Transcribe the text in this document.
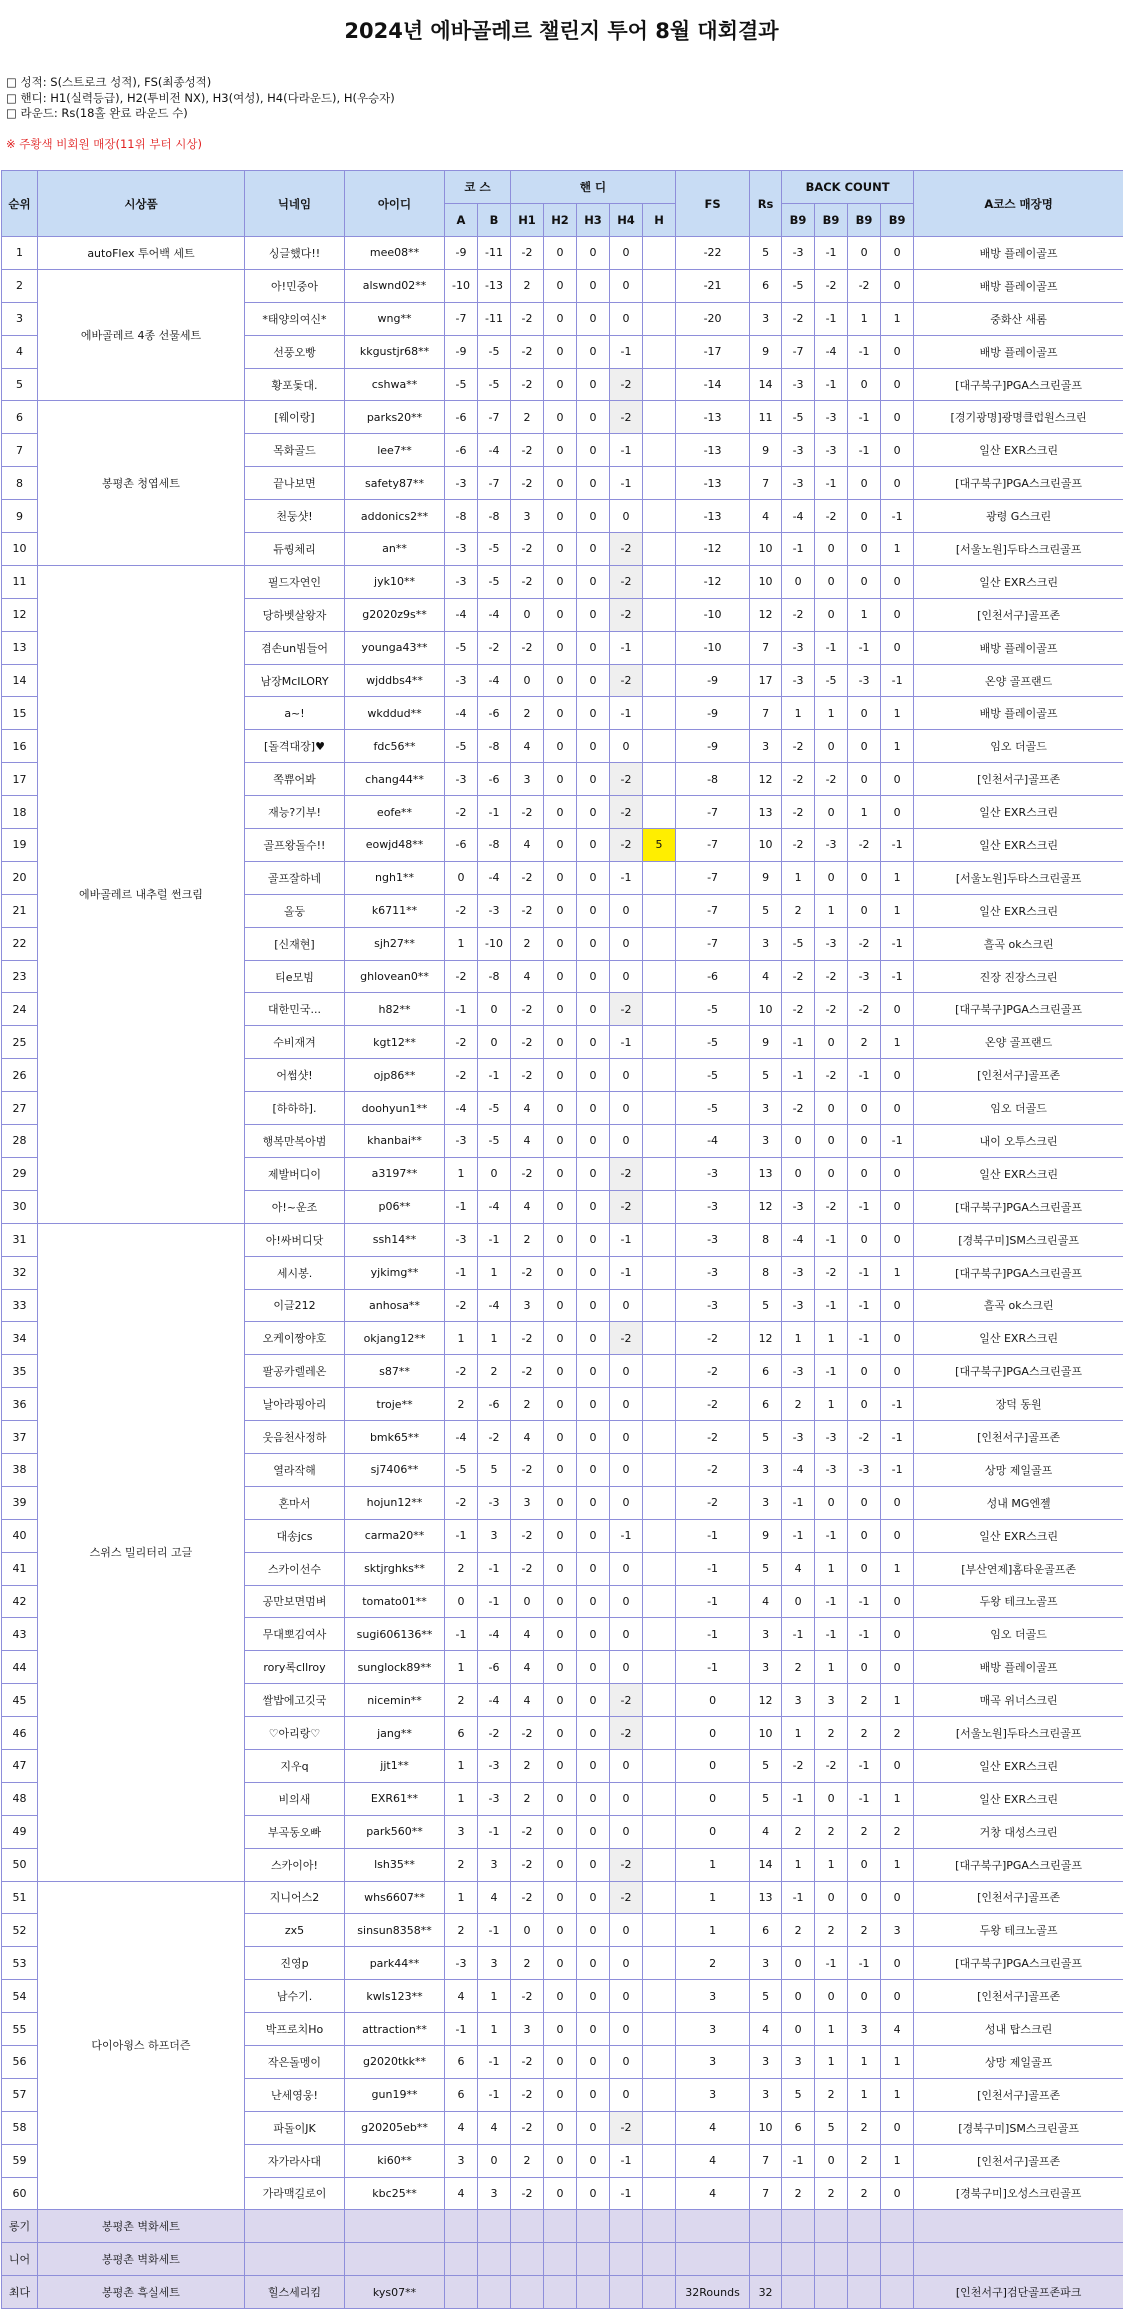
2024년 에바골레르 챌린지 투어 8월 대회결과
□ 성적: S(스트로크 성적), FS(최종성적)
□ 핸디: H1(실력등급), H2(투비전 NX), H3(여성), H4(다라운드), H(우승자)
□ 라운드: Rs(18홀 완료 라운드 수)
※ 주황색 비회원 매장(11위 부터 시상)
순위	시상품	닉네임	아이디	코 스		핸 디					FS	Rs	BACK COUNT				A코스 매장명
				A	B	H1	H2	H3	H4	H			B9	B9	B9	B9	
1	autoFlex 투어백 세트	싱글했다!!	mee08**	-9	-11	-2	0	0	0		-22	5	-3	-1	0	0	배방 플레이골프
2	에바골레르 4종 선물세트	아!민중아	alswnd02**	-10	-13	2	0	0	0		-21	6	-5	-2	-2	0	배방 플레이골프
3		*태양의여신*	wng**	-7	-11	-2	0	0	0		-20	3	-2	-1	1	1	중화산 새롬
4		선풍오빵	kkgustjr68**	-9	-5	-2	0	0	-1		-17	9	-7	-4	-1	0	배방 플레이골프
5		황포돛대.	cshwa**	-5	-5	-2	0	0	-2		-14	14	-3	-1	0	0	[대구북구]PGA스크린골프
6	봉평촌 청엽세트	[웨이랑]	parks20**	-6	-7	2	0	0	-2		-13	11	-5	-3	-1	0	[경기광명]광명클럽원스크린
7		목화골드	lee7**	-6	-4	-2	0	0	-1		-13	9	-3	-3	-1	0	일산 EXR스크린
8		끝나보면	safety87**	-3	-7	-2	0	0	-1		-13	7	-3	-1	0	0	[대구북구]PGA스크린골프
9		천둥샷!	addonics2**	-8	-8	3	0	0	0		-13	4	-4	-2	0	-1	광령 G스크린
10		듀퀑체리	an**	-3	-5	-2	0	0	-2		-12	10	-1	0	0	1	[서울노원]두타스크린골프
11	에바골레르 내추럴 썬크림	필드자연인	jyk10**	-3	-5	-2	0	0	-2		-12	10	0	0	0	0	일산 EXR스크린
12		당하벳살왕자	g2020z9s**	-4	-4	0	0	0	-2		-10	12	-2	0	1	0	[인천서구]골프존
13		겸손un빔들어	younga43**	-5	-2	-2	0	0	-1		-10	7	-3	-1	-1	0	배방 플레이골프
14		남장McILORY	wjddbs4**	-3	-4	0	0	0	-2		-9	17	-3	-5	-3	-1	온양 골프랜드
15		a~!	wkddud**	-4	-6	2	0	0	-1		-9	7	1	1	0	1	배방 플레이골프
16		[돌격대장]♥	fdc56**	-5	-8	4	0	0	0		-9	3	-2	0	0	1	임오 더골드
17		쪽쀼어봐	chang44**	-3	-6	3	0	0	-2		-8	12	-2	-2	0	0	[인천서구]골프존
18		재능?기부!	eofe**	-2	-1	-2	0	0	-2		-7	13	-2	0	1	0	일산 EXR스크린
19		골프왕돌수!!	eowjd48**	-6	-8	4	0	0	-2	5	-7	10	-2	-3	-2	-1	일산 EXR스크린
20		골프잘하네	ngh1**	0	-4	-2	0	0	-1		-7	9	1	0	0	1	[서울노원]두타스크린골프
21		올둥	k6711**	-2	-3	-2	0	0	0		-7	5	2	1	0	1	일산 EXR스크린
22		[신재현]	sjh27**	1	-10	2	0	0	0		-7	3	-5	-3	-2	-1	흘곡 ok스크린
23		티e모빔	ghlovean0**	-2	-8	4	0	0	0		-6	4	-2	-2	-3	-1	진장 진장스크린
24		대한민국...	h82**	-1	0	-2	0	0	-2		-5	10	-2	-2	-2	0	[대구북구]PGA스크린골프
25		수비재겨	kgt12**	-2	0	-2	0	0	-1		-5	9	-1	0	2	1	온양 골프랜드
26		어썸샷!	ojp86**	-2	-1	-2	0	0	0		-5	5	-1	-2	-1	0	[인천서구]골프존
27		[하하하].	doohyun1**	-4	-5	4	0	0	0		-5	3	-2	0	0	0	임오 더골드
28		행복만복아범	khanbai**	-3	-5	4	0	0	0		-4	3	0	0	0	-1	내이 오투스크린
29		제발버디이	a3197**	1	0	-2	0	0	-2		-3	13	0	0	0	0	일산 EXR스크린
30		아!~운조	p06**	-1	-4	4	0	0	-2		-3	12	-3	-2	-1	0	[대구북구]PGA스크린골프
31	스위스 밀리터리 고글	아!싸버디닷	ssh14**	-3	-1	2	0	0	-1		-3	8	-4	-1	0	0	[경북구미]SM스크린골프
32		세시봉.	yjkimg**	-1	1	-2	0	0	-1		-3	8	-3	-2	-1	1	[대구북구]PGA스크린골프
33		이글212	anhosa**	-2	-4	3	0	0	0		-3	5	-3	-1	-1	0	흘곡 ok스크린
34		오케이짱야호	okjang12**	1	1	-2	0	0	-2		-2	12	1	1	-1	0	일산 EXR스크린
35		팔공카렐레온	s87**	-2	2	-2	0	0	0		-2	6	-3	-1	0	0	[대구북구]PGA스크린골프
36		날아라핑아리	troje**	2	-6	2	0	0	0		-2	6	2	1	0	-1	장덕 동원
37		웃음천사정하	bmk65**	-4	-2	4	0	0	0		-2	5	-3	-3	-2	-1	[인천서구]골프존
38		열라작해	sj7406**	-5	5	-2	0	0	0		-2	3	-4	-3	-3	-1	상망 제일골프
39		혼마서	hojun12**	-2	-3	3	0	0	0		-2	3	-1	0	0	0	성내 MG엔젤
40		대송jcs	carma20**	-1	3	-2	0	0	-1		-1	9	-1	-1	0	0	일산 EXR스크린
41		스카이선수	sktjrghks**	2	-1	-2	0	0	0		-1	5	4	1	0	1	[부산연제]홈타운골프존
42		공만보면멈벼	tomato01**	0	-1	0	0	0	0		-1	4	0	-1	-1	0	두왕 테크노골프
43		무대뽀김여사	sugi606136**	-1	-4	4	0	0	0		-1	3	-1	-1	-1	0	임오 더골드
44		rory록cllroy	sunglock89**	1	-6	4	0	0	0		-1	3	2	1	0	0	배방 플레이골프
45		쌀밥에고깃국	nicemin**	2	-4	4	0	0	-2		0	12	3	3	2	1	매곡 위너스크린
46		♡아리랑♡	jang**	6	-2	-2	0	0	-2		0	10	1	2	2	2	[서울노원]두타스크린골프
47		지우q	jjt1**	1	-3	2	0	0	0		0	5	-2	-2	-1	0	일산 EXR스크린
48		비의새	EXR61**	1	-3	2	0	0	0		0	5	-1	0	-1	1	일산 EXR스크린
49		부곡동오빠	park560**	3	-1	-2	0	0	0		0	4	2	2	2	2	거창 대성스크린
50		스카이아!	lsh35**	2	3	-2	0	0	-2		1	14	1	1	0	1	[대구북구]PGA스크린골프
51	다이아윙스 하프더즌	지니어스2	whs6607**	1	4	-2	0	0	-2		1	13	-1	0	0	0	[인천서구]골프존
52		zx5	sinsun8358**	2	-1	0	0	0	0		1	6	2	2	2	3	두왕 테크노골프
53		진영p	park44**	-3	3	2	0	0	0		2	3	0	-1	-1	0	[대구북구]PGA스크린골프
54		남수기.	kwls123**	4	1	-2	0	0	0		3	5	0	0	0	0	[인천서구]골프존
55		박프로치Ho	attraction**	-1	1	3	0	0	0		3	4	0	1	3	4	성내 탑스크린
56		작은돌멩이	g2020tkk**	6	-1	-2	0	0	0		3	3	3	1	1	1	상망 제일골프
57		난세영웅!	gun19**	6	-1	-2	0	0	0		3	3	5	2	1	1	[인천서구]골프존
58		파돌이JK	g20205eb**	4	4	-2	0	0	-2		4	10	6	5	2	0	[경북구미]SM스크린골프
59		자가라사대	ki60**	3	0	2	0	0	-1		4	7	-1	0	2	1	[인천서구]골프존
60		가라맥길로이	kbc25**	4	3	-2	0	0	-1		4	7	2	2	2	0	[경북구미]오성스크린골프
롱기	봉평촌 벽화세트																
니어	봉평촌 벽화세트																
최다	봉평촌 흑실세트	힐스세리킴	kys07**								32Rounds	32					[인천서구]검단골프존파크
